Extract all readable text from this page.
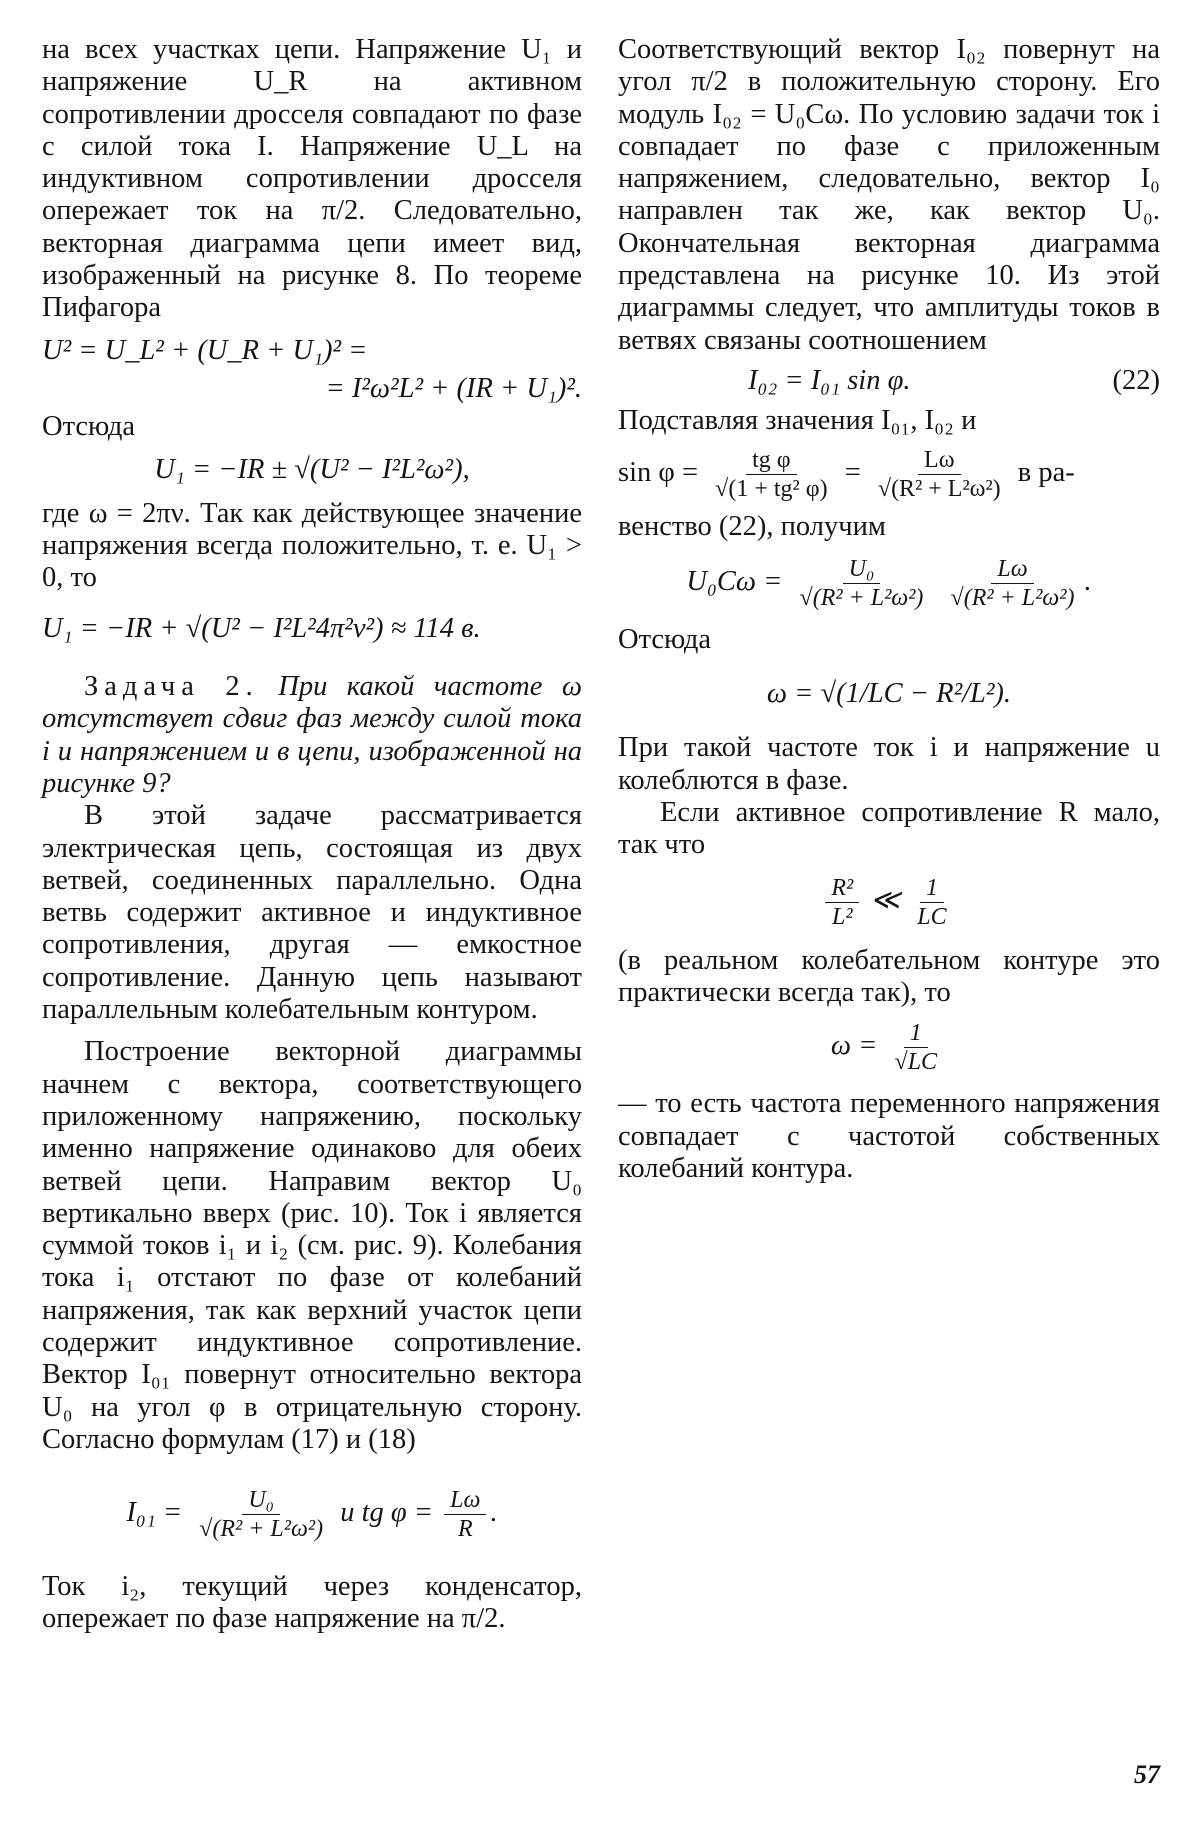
на всех участках цепи. Напряжение U₁ и напряжение U_R на активном сопротивлении дросселя совпадают по фазе с силой тока I. Напряжение U_L на индуктивном сопротивлении дросселя опережает ток на π/2. Следовательно, векторная диаграмма цепи имеет вид, изображенный на рисунке 8. По теореме Пифагора

U² = U_L² + (U_R + U₁)² =
= I²ω²L² + (IR + U₁)².

Отсюда

U₁ = −IR ± √(U² − I²L²ω²),

где ω = 2πν. Так как действующее значение напряжения всегда положительно, т. е. U₁ > 0, то

U₁ = −IR + √(U² − I²L²4π²ν²) ≈ 114 в.

Задача 2. При какой частоте ω отсутствует сдвиг фаз между силой тока i и напряжением u в цепи, изображенной на рисунке 9?

В этой задаче рассматривается электрическая цепь, состоящая из двух ветвей, соединенных параллельно. Одна ветвь содержит активное и индуктивное сопротивления, другая — емкостное сопротивление. Данную цепь называют параллельным колебательным контуром.

Построение векторной диаграммы начнем с вектора, соответствующего приложенному напряжению, поскольку именно напряжение одинаково для обеих ветвей цепи. Направим вектор U₀ вертикально вверх (рис. 10). Ток i является суммой токов i₁ и i₂ (см. рис. 9). Колебания тока i₁ отстают по фазе от колебаний напряжения, так как верхний участок цепи содержит индуктивное сопротивление. Вектор I₀₁ повернут относительно вектора U₀ на угол φ в отрицательную сторону. Согласно формулам (17) и (18)

$I_{01} = \frac{\text{U₀}}{\text{√(R² + L²ω²)}}$ и tg $\varphi = \frac{L\omega}{R}$ .

Ток i₂, текущий через конденсатор, опережает по фазе напряжение на π/2.

Соответствующий вектор I₀₂ повернут на угол π/2 в положительную сторону. Его модуль I₀₂ = U₀Cω. По условию задачи ток i совпадает по фазе с приложенным напряжением, следовательно, вектор I₀ направлен так же, как вектор U₀. Окончательная векторная диаграмма представлена на рисунке 10. Из этой диаграммы следует, что амплитуды токов в ветвях связаны соотношением

I₀₂ = I₀₁ sin φ.	(22)

Подставляя значения I₀₁, I₀₂ и

$\sin \varphi = \frac{\text{tg φ}}{\text{√(1 + tg² φ)}} = \frac{L\omega}{\text{√(R² + L²ω²)}}$ в ра-

венство (22), получим

$U_0C\omega = \frac{\text{U₀}}{\text{√(R² + L²ω²)}}$
$\frac{L\omega}{\text{√(R² + L²ω²)}}$ .

Отсюда

ω = √(1/LC − R²/L²).

При такой частоте ток i и напряжение u колеблются в фазе.

Если активное сопротивление R мало, так что

$\frac{\text{R²}}{\text{L²}}$ ≪ $\frac{1}{LC}$

(в реальном колебательном контуре это практически всегда так), то

$\omega = \frac{1}{√LC}$

— то есть частота переменного напряжения совпадает с частотой собственных колебаний контура.

57
